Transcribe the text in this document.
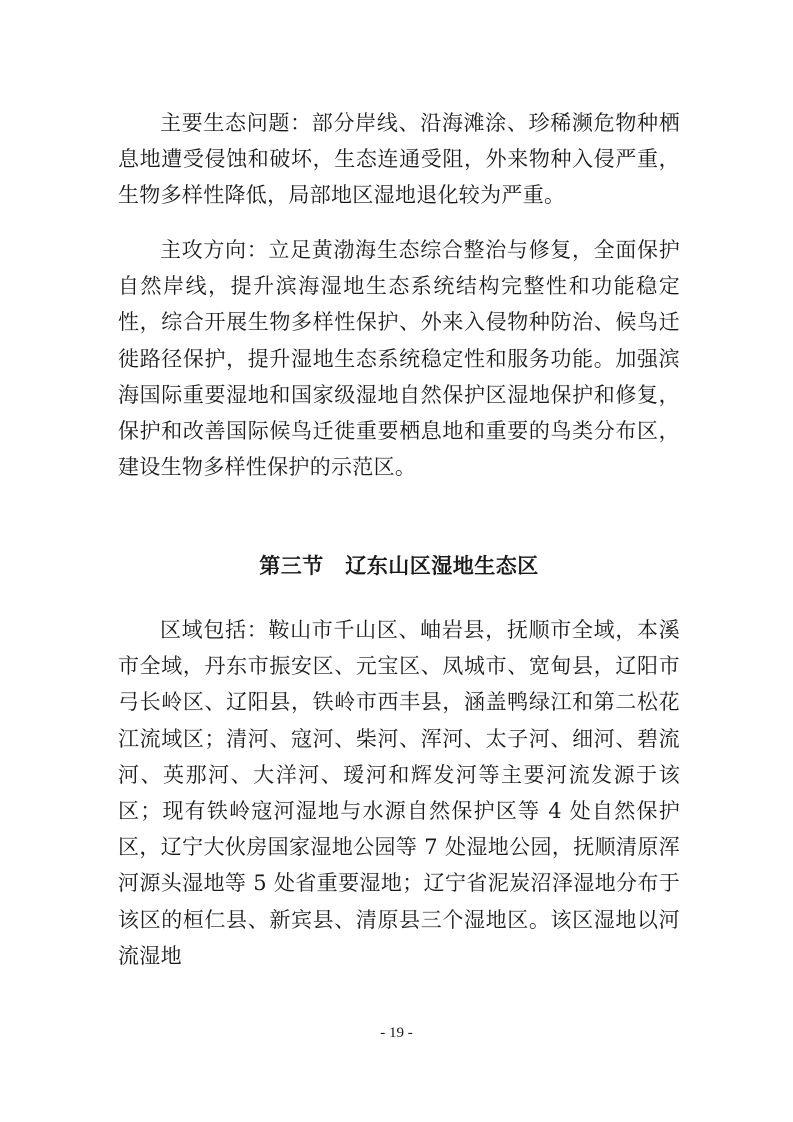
主要生态问题：部分岸线、沿海滩涂、珍稀濒危物种栖息地遭受侵蚀和破坏，生态连通受阻，外来物种入侵严重，生物多样性降低，局部地区湿地退化较为严重。

主攻方向：立足黄渤海生态综合整治与修复，全面保护自然岸线，提升滨海湿地生态系统结构完整性和功能稳定性，综合开展生物多样性保护、外来入侵物种防治、候鸟迁徙路径保护，提升湿地生态系统稳定性和服务功能。加强滨海国际重要湿地和国家级湿地自然保护区湿地保护和修复，保护和改善国际候鸟迁徙重要栖息地和重要的鸟类分布区，建设生物多样性保护的示范区。

第三节　辽东山区湿地生态区

区域包括：鞍山市千山区、岫岩县，抚顺市全域，本溪市全域，丹东市振安区、元宝区、凤城市、宽甸县，辽阳市弓长岭区、辽阳县，铁岭市西丰县，涵盖鸭绿江和第二松花江流域区；清河、寇河、柴河、浑河、太子河、细河、碧流河、英那河、大洋河、瑷河和辉发河等主要河流发源于该区；现有铁岭寇河湿地与水源自然保护区等 4 处自然保护区，辽宁大伙房国家湿地公园等 7 处湿地公园，抚顺清原浑河源头湿地等 5 处省重要湿地；辽宁省泥炭沼泽湿地分布于该区的桓仁县、新宾县、清原县三个湿地区。该区湿地以河流湿地

- 19 -
